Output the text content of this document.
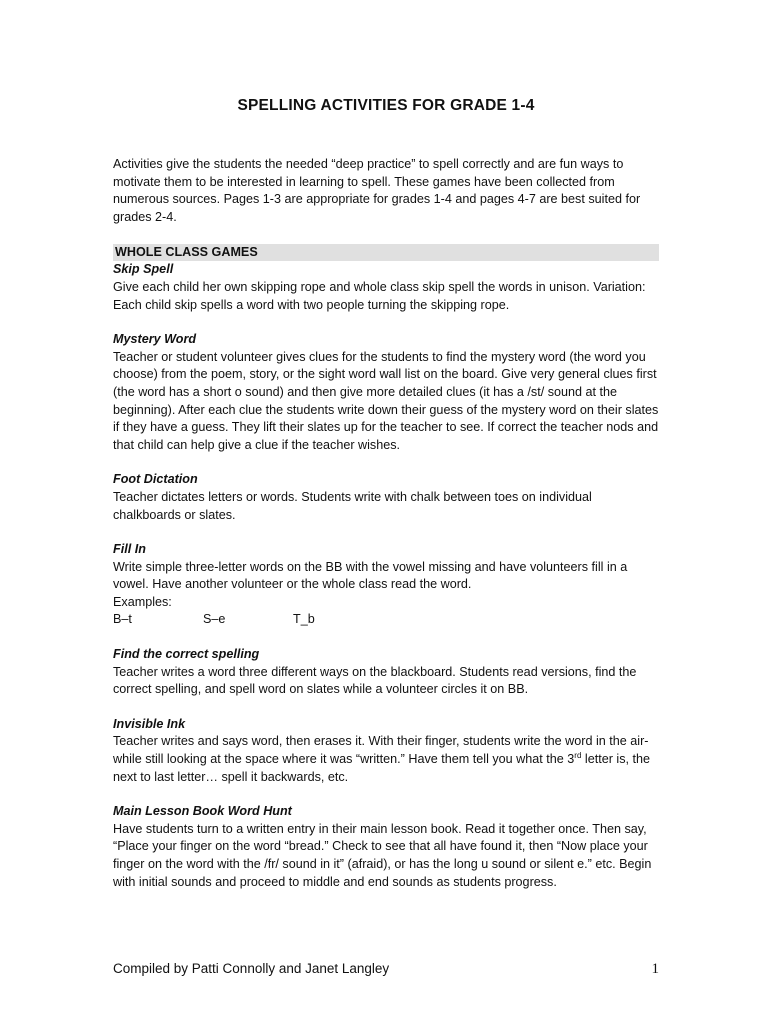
SPELLING ACTIVITIES FOR GRADE 1-4

Activities give the students the needed “deep practice” to spell correctly and are fun ways to motivate them to be interested in learning to spell. These games have been collected from numerous sources. Pages 1-3 are appropriate for grades 1-4 and pages 4-7 are best suited for grades 2-4.

WHOLE CLASS GAMES
Skip Spell

Give each child her own skipping rope and whole class skip spell the words in unison. Variation: Each child skip spells a word with two people turning the skipping rope.

Mystery Word

Teacher or student volunteer gives clues for the students to find the mystery word (the word you choose) from the poem, story, or the sight word wall list on the board. Give very general clues first (the word has a short o sound) and then give more detailed clues (it has a /st/ sound at the beginning). After each clue the students write down their guess of the mystery word on their slates if they have a guess. They lift their slates up for the teacher to see. If correct the teacher nods and that child can help give a clue if the teacher wishes.

Foot Dictation

Teacher dictates letters or words. Students write with chalk between toes on individual chalkboards or slates.

Fill In

Write simple three-letter words on the BB with the vowel missing and have volunteers fill in a vowel. Have another volunteer or the whole class read the word.

Examples:

B–t	S–e	T_b
Find the correct spelling

Teacher writes a word three different ways on the blackboard. Students read versions, find the correct spelling, and spell word on slates while a volunteer circles it on BB.

Invisible Ink

Teacher writes and says word, then erases it. With their finger, students write the word in the air-while still looking at the space where it was “written.” Have them tell you what the 3rd letter is, the next to last letter… spell it backwards, etc.

Main Lesson Book Word Hunt

Have students turn to a written entry in their main lesson book. Read it together once. Then say, “Place your finger on the word “bread.” Check to see that all have found it, then “Now place your finger on the word with the /fr/ sound in it” (afraid), or has the long u sound or silent e.” etc. Begin with initial sounds and proceed to middle and end sounds as students progress.

Compiled by Patti Connolly and Janet Langley	1
